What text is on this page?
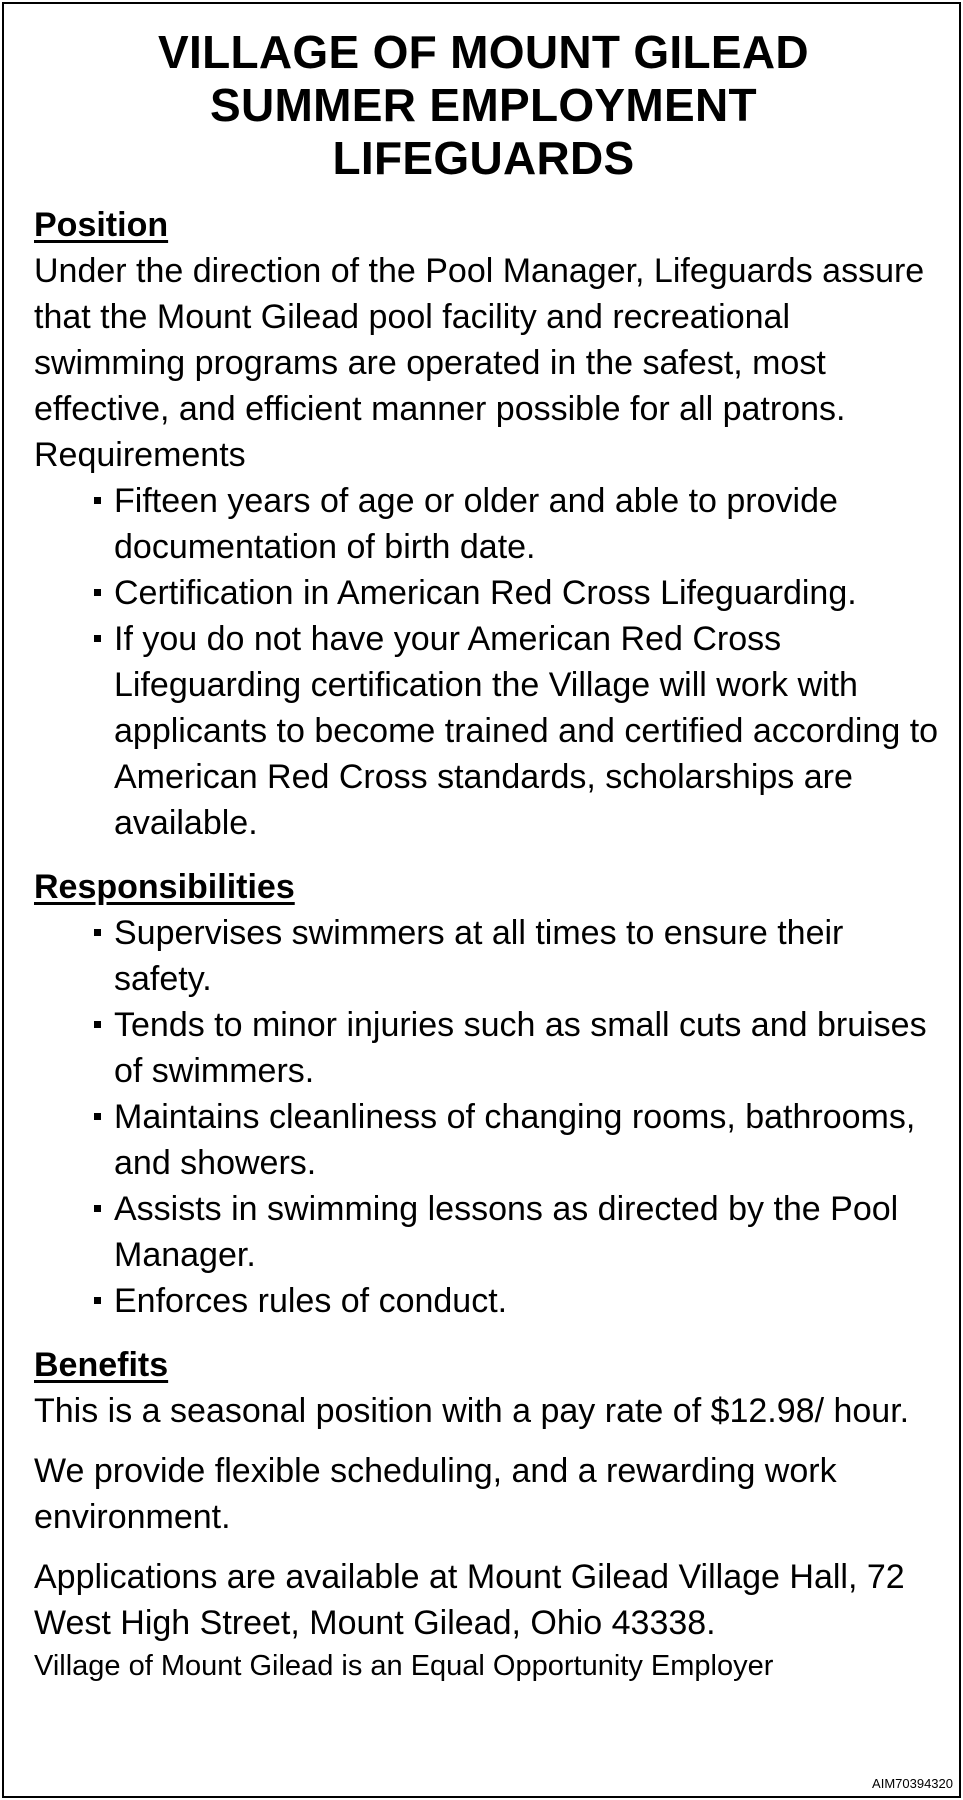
VILLAGE OF MOUNT GILEAD
SUMMER EMPLOYMENT
LIFEGUARDS
Position

Under the direction of the Pool Manager, Lifeguards assure that the Mount Gilead pool facility and recreational swimming programs are operated in the safest, most effective, and efficient manner possible for all patrons.

Requirements

Fifteen years of age or older and able to provide documentation of birth date.
Certification in American Red Cross Lifeguarding.
If you do not have your American Red Cross Lifeguarding certification the Village will work with applicants to become trained and certified according to American Red Cross standards, scholarships are available.
Responsibilities
Supervises swimmers at all times to ensure their safety.
Tends to minor injuries such as small cuts and bruises of swimmers.
Maintains cleanliness of changing rooms, bathrooms, and showers.
Assists in swimming lessons as directed by the Pool Manager.
Enforces rules of conduct.
Benefits

This is a seasonal position with a pay rate of $12.98/ hour.

We provide flexible scheduling, and a rewarding work environment.

Applications are available at Mount Gilead Village Hall, 72 West High Street, Mount Gilead, Ohio 43338.

Village of Mount Gilead is an Equal Opportunity Employer

AIM70394320
